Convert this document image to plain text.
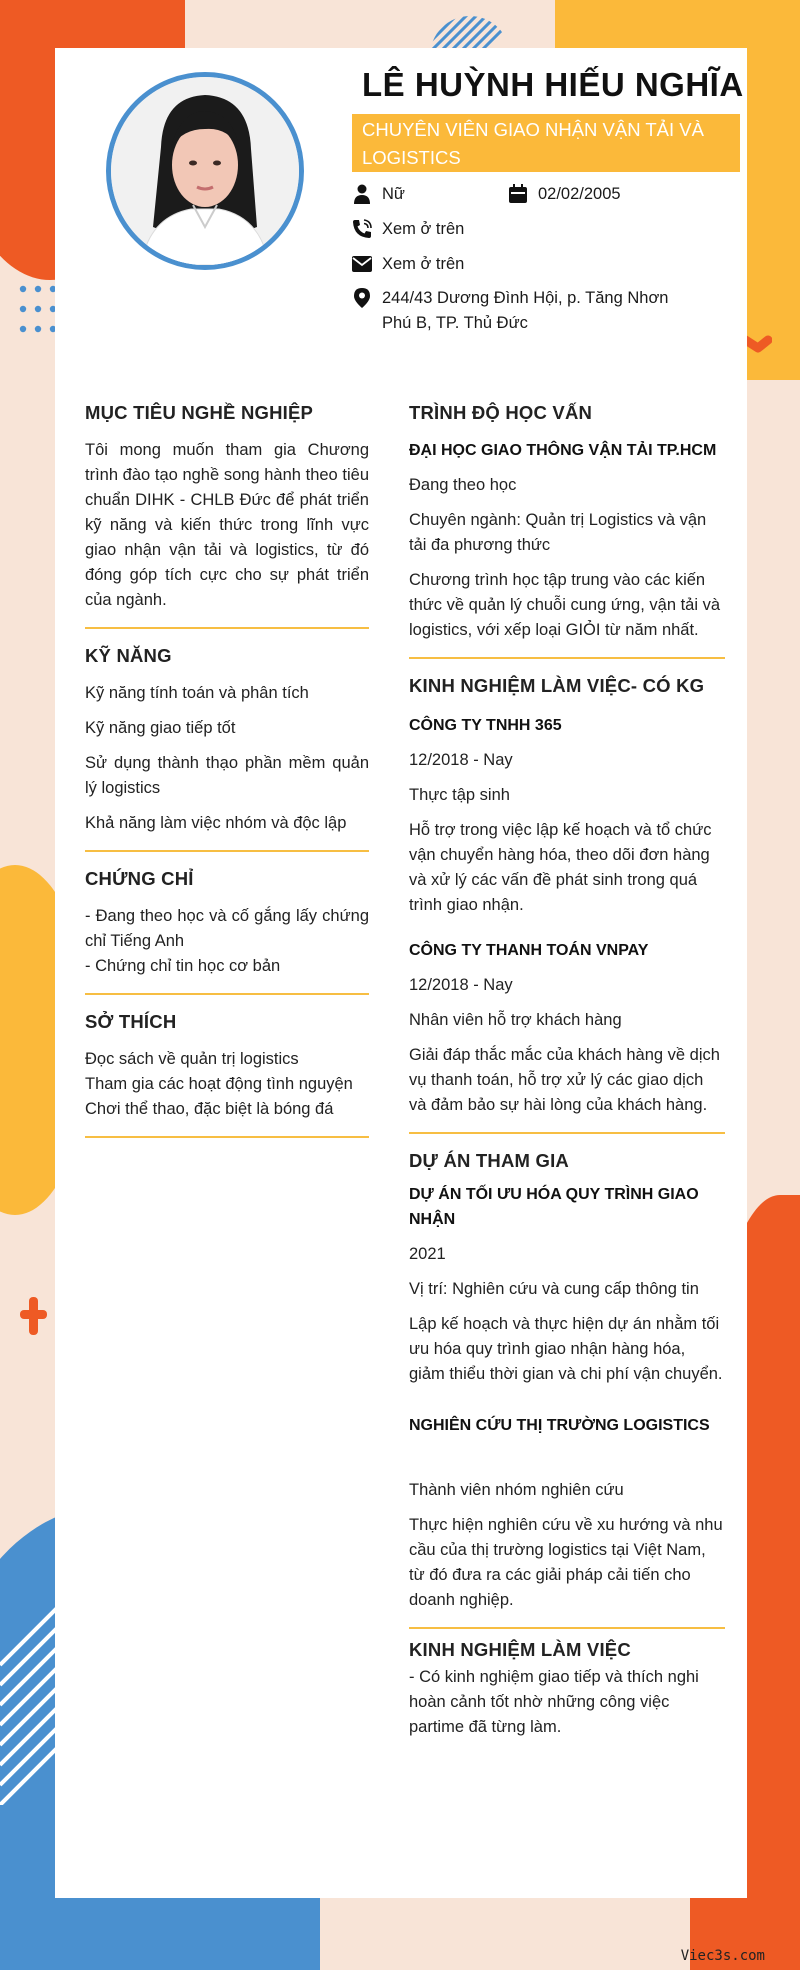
LÊ HUỲNH HIẾU NGHĨA
CHUYÊN VIÊN GIAO NHẬN VẬN TẢI VÀ LOGISTICS
Nữ	02/02/2005
Xem ở trên
Xem ở trên
244/43 Dương Đình Hội, p. Tăng Nhơn Phú B, TP. Thủ Đức
MỤC TIÊU NGHỀ NGHIỆP
Tôi mong muốn tham gia Chương trình đào tạo nghề song hành theo tiêu chuẩn DIHK - CHLB Đức để phát triển kỹ năng và kiến thức trong lĩnh vực giao nhận vận tải và logistics, từ đó đóng góp tích cực cho sự phát triển của ngành.
KỸ NĂNG
Kỹ năng tính toán và phân tích
Kỹ năng giao tiếp tốt
Sử dụng thành thạo phần mềm quản lý logistics
Khả năng làm việc nhóm và độc lập
CHỨNG CHỈ
- Đang theo học và cố gắng lấy chứng chỉ Tiếng Anh
- Chứng chỉ tin học cơ bản
SỞ THÍCH
Đọc sách về quản trị logistics
Tham gia các hoạt động tình nguyện
Chơi thể thao, đặc biệt là bóng đá
TRÌNH ĐỘ HỌC VẤN
ĐẠI HỌC GIAO THÔNG VẬN TẢI TP.HCM
Đang theo học
Chuyên ngành: Quản trị Logistics và vận tải đa phương thức
Chương trình học tập trung vào các kiến thức về quản lý chuỗi cung ứng, vận tải và logistics, với xếp loại GIỎI từ năm nhất.
KINH NGHIỆM LÀM VIỆC- CÓ KG
CÔNG TY TNHH 365
12/2018 - Nay
Thực tập sinh
Hỗ trợ trong việc lập kế hoạch và tổ chức vận chuyển hàng hóa, theo dõi đơn hàng và xử lý các vấn đề phát sinh trong quá trình giao nhận.
CÔNG TY THANH TOÁN VNPAY
12/2018 - Nay
Nhân viên hỗ trợ khách hàng
Giải đáp thắc mắc của khách hàng về dịch vụ thanh toán, hỗ trợ xử lý các giao dịch và đảm bảo sự hài lòng của khách hàng.
DỰ ÁN THAM GIA
DỰ ÁN TỐI ƯU HÓA QUY TRÌNH GIAO NHẬN
2021
Vị trí: Nghiên cứu và cung cấp thông tin
Lập kế hoạch và thực hiện dự án nhằm tối ưu hóa quy trình giao nhận hàng hóa, giảm thiểu thời gian và chi phí vận chuyển.
NGHIÊN CỨU THỊ TRƯỜNG LOGISTICS
Thành viên nhóm nghiên cứu
Thực hiện nghiên cứu về xu hướng và nhu cầu của thị trường logistics tại Việt Nam, từ đó đưa ra các giải pháp cải tiến cho doanh nghiệp.
KINH NGHIỆM LÀM VIỆC
- Có kinh nghiệm giao tiếp và thích nghi hoàn cảnh tốt nhờ những công việc partime đã từng làm.
Viec3s.com
